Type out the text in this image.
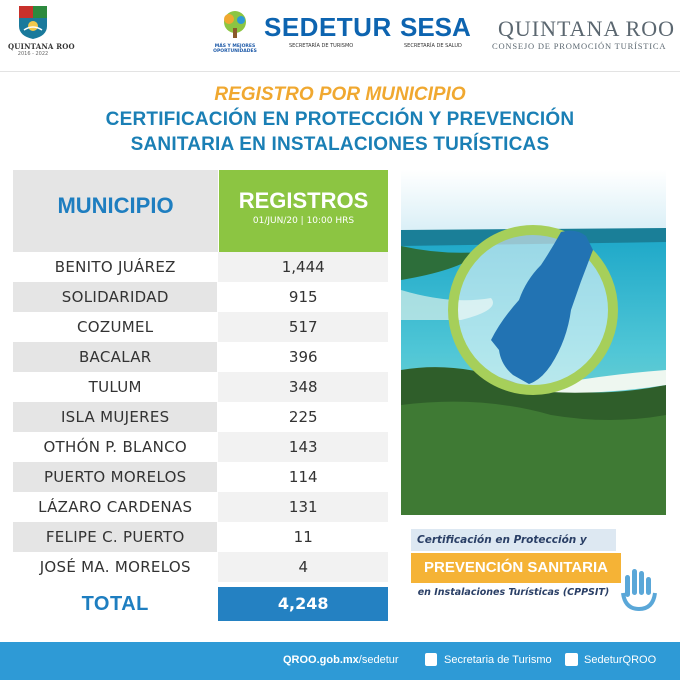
QUINTANA ROO
2016 - 2022
MÁS Y MEJORES OPORTUNIDADES
SEDETUR
SECRETARÍA DE TURISMO
SESA
SECRETARÍA DE SALUD
QUINTANA ROO
CONSEJO DE PROMOCIÓN TURÍSTICA
REGISTRO POR MUNICIPIO
CERTIFICACIÓN EN PROTECCIÓN Y PREVENCIÓN
SANITARIA EN INSTALACIONES TURÍSTICAS
MUNICIPIO	REGISTROS
01/JUN/20 | 10:00 HRS
BENITO JUÁREZ	1,444
SOLIDARIDAD	915
COZUMEL	517
BACALAR	396
TULUM	348
ISLA MUJERES	225
OTHÓN P. BLANCO	143
PUERTO MORELOS	114
LÁZARO CARDENAS	131
FELIPE C. PUERTO	11
JOSÉ MA. MORELOS	4
TOTAL	4,248
Certificación en Protección y
PREVENCIÓN SANITARIA
en Instalaciones Turísticas (CPPSIT)
QROO.gob.mx/sedetur	Secretaria de Turismo	SedeturQROO
